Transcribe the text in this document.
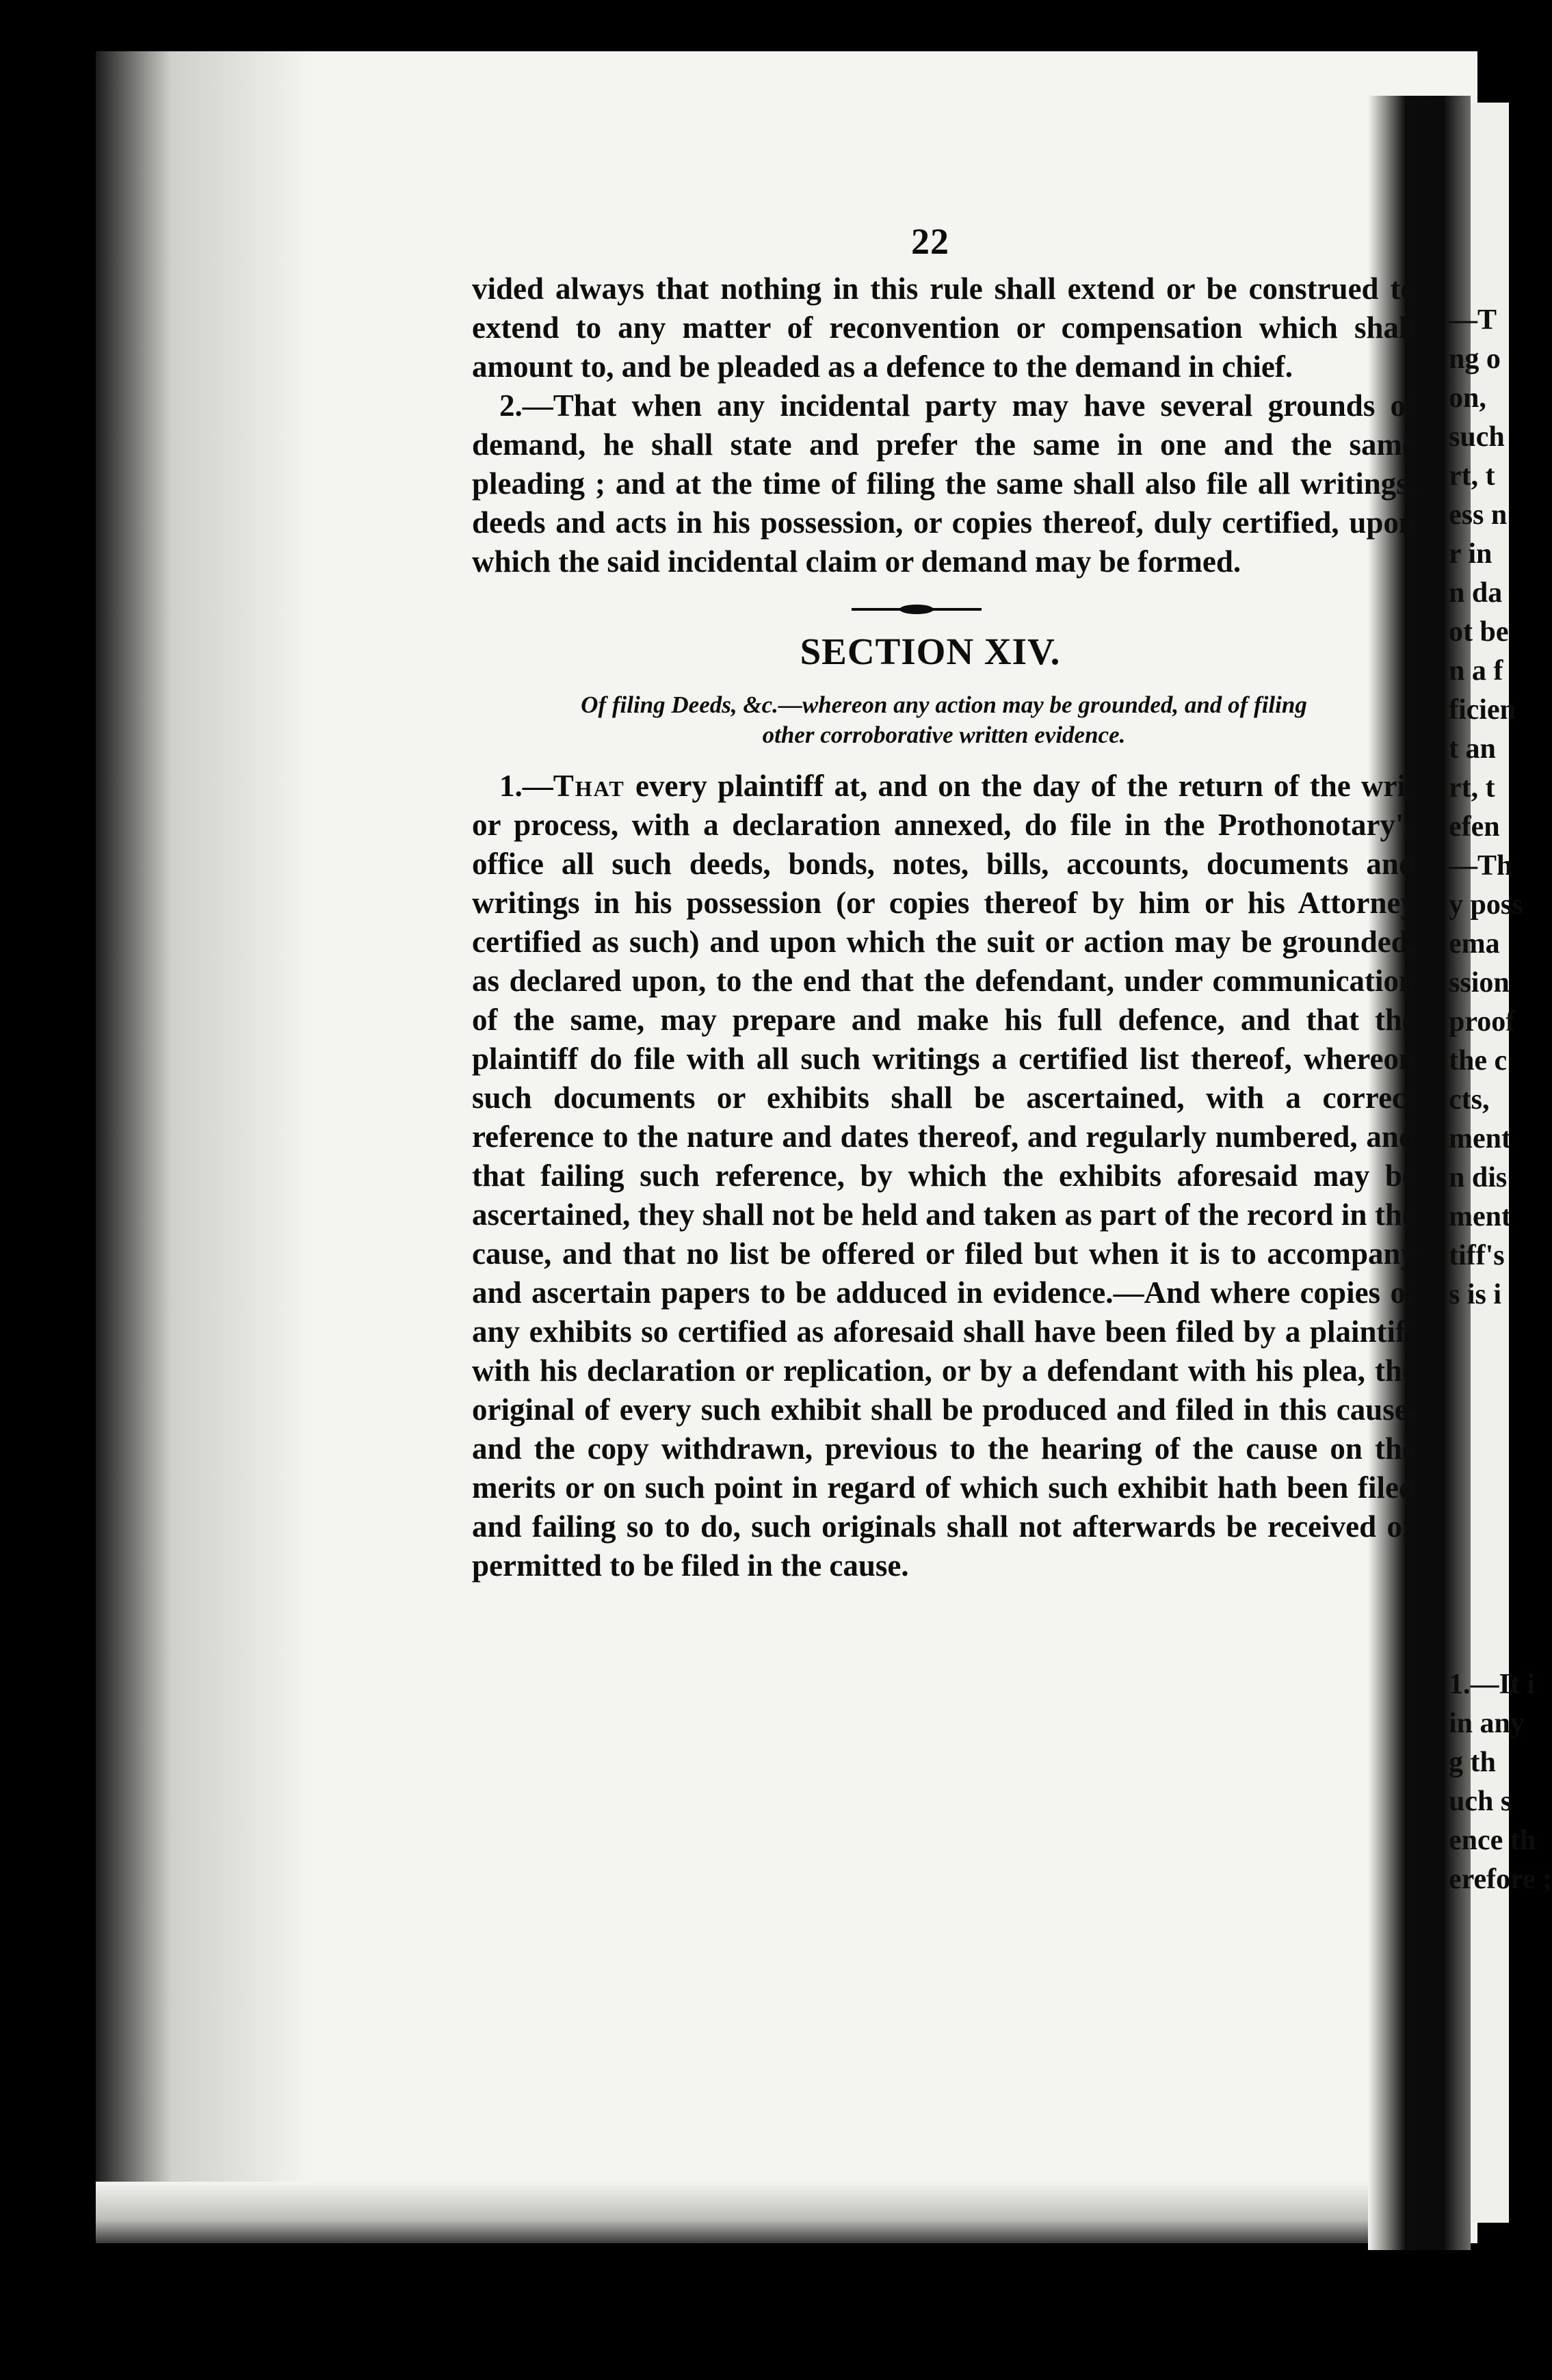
22

vided always that nothing in this rule shall extend or be construed to extend to any matter of reconvention or compensation which shall amount to, and be pleaded as a defence to the demand in chief.

2.—That when any incidental party may have several grounds of demand, he shall state and prefer the same in one and the same pleading ; and at the time of filing the same shall also file all writings, deeds and acts in his possession, or copies thereof, duly certified, upon which the said incidental claim or demand may be formed.

SECTION XIV.
Of filing Deeds, &c.—whereon any action may be grounded, and of filing
other corroborative written evidence.

1.—That every plaintiff at, and on the day of the return of the writ or process, with a declaration annexed, do file in the Prothonotary's office all such deeds, bonds, notes, bills, accounts, documents and writings in his possession (or copies thereof by him or his Attorney certified as such) and upon which the suit or action may be grounded, as declared upon, to the end that the defendant, under communication of the same, may prepare and make his full defence, and that the plaintiff do file with all such writings a certified list thereof, whereon such documents or exhibits shall be ascertained, with a correct reference to the nature and dates thereof, and regularly numbered, and that failing such reference, by which the exhibits aforesaid may be ascertained, they shall not be held and taken as part of the record in the cause, and that no list be offered or filed but when it is to accompany and ascertain papers to be adduced in evidence.—And where copies of any exhibits so certified as aforesaid shall have been filed by a plaintiff with his declaration or replication, or by a defendant with his plea, the original of every such exhibit shall be produced and filed in this cause, and the copy withdrawn, previous to the hearing of the cause on the merits or on such point in regard of which such exhibit hath been filed and failing so to do, such originals shall not afterwards be received or permitted to be filed in the cause.

—T
ng o
on,
such
rt, t
ess n
r in
n da
ot be
n a f
ficien
t an
rt, t
efen
—Th
y poss
ema
ssion
proof
the c
cts,
ment
n dis
ment
tiff's
s is i
1.—It i
in any
g th
uch s
ence th
erefore ;
